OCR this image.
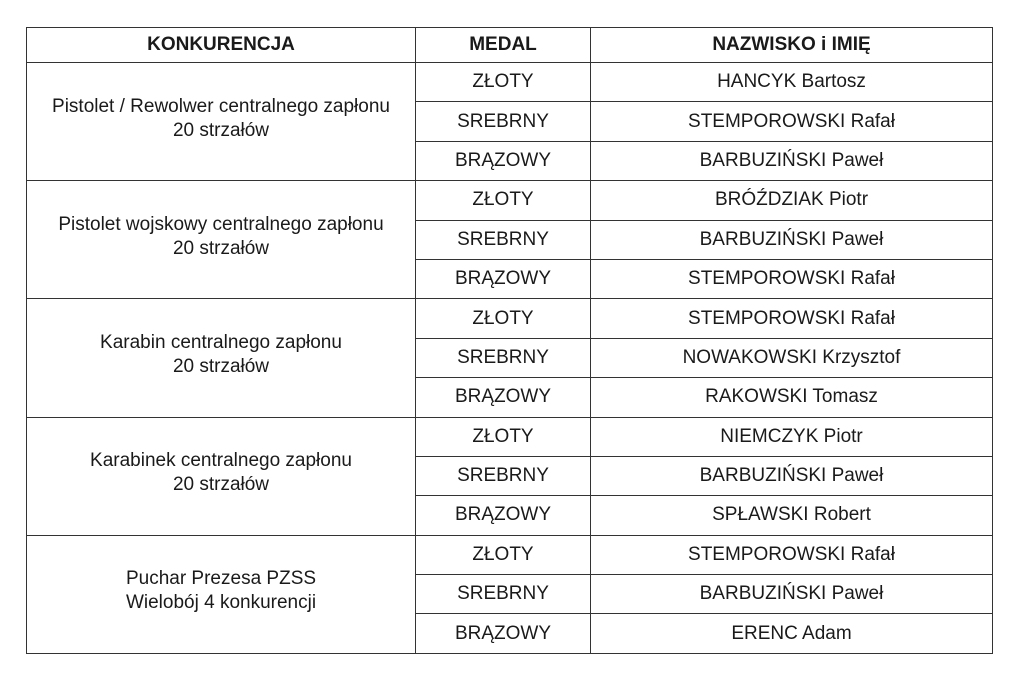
KONKURENCJA	MEDAL	NAZWISKO i IMIĘ

Pistolet / Rewolwer centralnego zapłonu
20 strzałów	ZŁOTY	HANCYK Bartosz
	SREBRNY	STEMPOROWSKI Rafał
	BRĄZOWY	BARBUZIŃSKI Paweł

Pistolet wojskowy centralnego zapłonu
20 strzałów	ZŁOTY	BRÓŹDZIAK Piotr
	SREBRNY	BARBUZIŃSKI Paweł
	BRĄZOWY	STEMPOROWSKI Rafał

Karabin centralnego zapłonu
20 strzałów	ZŁOTY	STEMPOROWSKI Rafał
	SREBRNY	NOWAKOWSKI Krzysztof
	BRĄZOWY	RAKOWSKI Tomasz

Karabinek centralnego zapłonu
20 strzałów	ZŁOTY	NIEMCZYK Piotr
	SREBRNY	BARBUZIŃSKI Paweł
	BRĄZOWY	SPŁAWSKI Robert

Puchar Prezesa PZSS
Wielobój 4 konkurencji	ZŁOTY	STEMPOROWSKI Rafał
	SREBRNY	BARBUZIŃSKI Paweł
	BRĄZOWY	ERENC Adam
